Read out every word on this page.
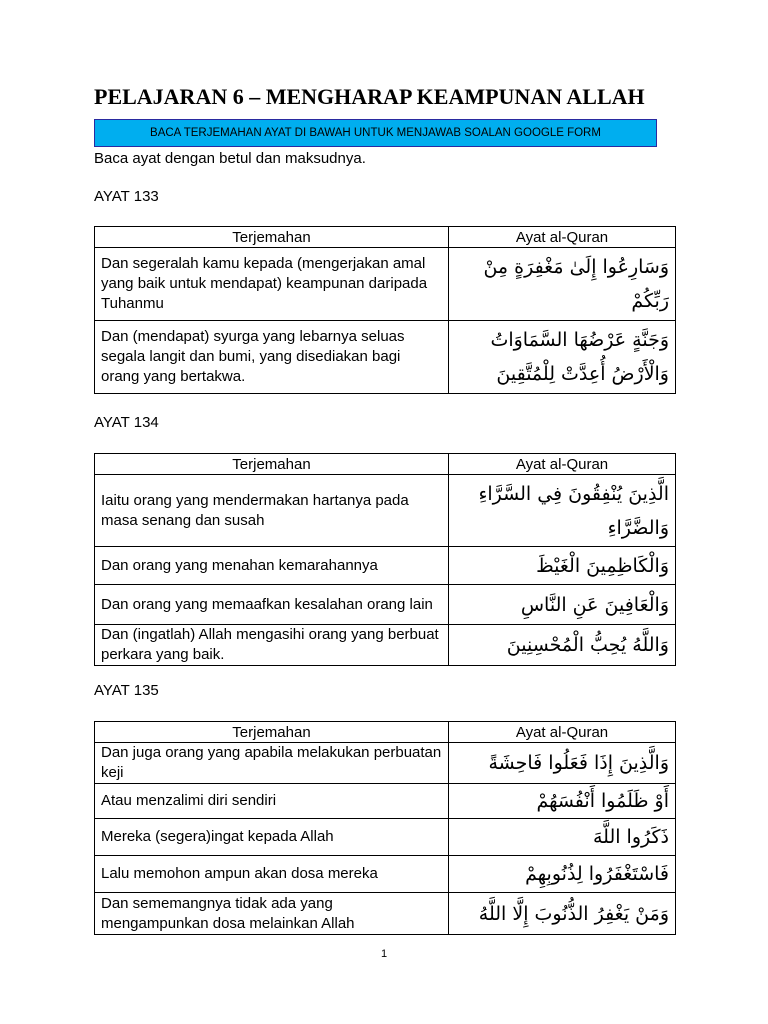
PELAJARAN 6 – MENGHARAP KEAMPUNAN ALLAH
BACA TERJEMAHAN AYAT DI BAWAH UNTUK MENJAWAB SOALAN GOOGLE FORM
Baca ayat dengan betul dan maksudnya.
AYAT 133
Terjemahan	Ayat al-Quran
Dan segeralah kamu kepada (mengerjakan amal yang baik untuk mendapat) keampunan daripada Tuhanmu	وَسَارِعُوا إِلَىٰ مَغْفِرَةٍ مِنْ رَبِّكُمْ
Dan (mendapat) syurga yang lebarnya seluas segala langit dan bumi, yang disediakan bagi orang yang bertakwa.	وَجَنَّةٍ عَرْضُهَا السَّمَاوَاتُ وَالْأَرْضُ أُعِدَّتْ لِلْمُتَّقِينَ
AYAT 134
Terjemahan	Ayat al-Quran
Iaitu orang yang mendermakan hartanya pada masa senang dan susah	الَّذِينَ يُنْفِقُونَ فِي السَّرَّاءِ وَالضَّرَّاءِ
Dan orang yang menahan kemarahannya	وَالْكَاظِمِينَ الْغَيْظَ
Dan orang yang memaafkan kesalahan orang lain	وَالْعَافِينَ عَنِ النَّاسِ
Dan (ingatlah) Allah mengasihi orang yang berbuat perkara yang baik.	وَاللَّهُ يُحِبُّ الْمُحْسِنِينَ
AYAT 135
Terjemahan	Ayat al-Quran
Dan juga orang yang apabila melakukan perbuatan keji	وَالَّذِينَ إِذَا فَعَلُوا فَاحِشَةً
Atau menzalimi diri sendiri	أَوْ ظَلَمُوا أَنْفُسَهُمْ
Mereka (segera)ingat kepada Allah	ذَكَرُوا اللَّهَ
Lalu memohon ampun akan dosa mereka	فَاسْتَغْفَرُوا لِذُنُوبِهِمْ
Dan sememangnya tidak ada yang mengampunkan dosa melainkan Allah	وَمَنْ يَغْفِرُ الذُّنُوبَ إِلَّا اللَّهُ
1
